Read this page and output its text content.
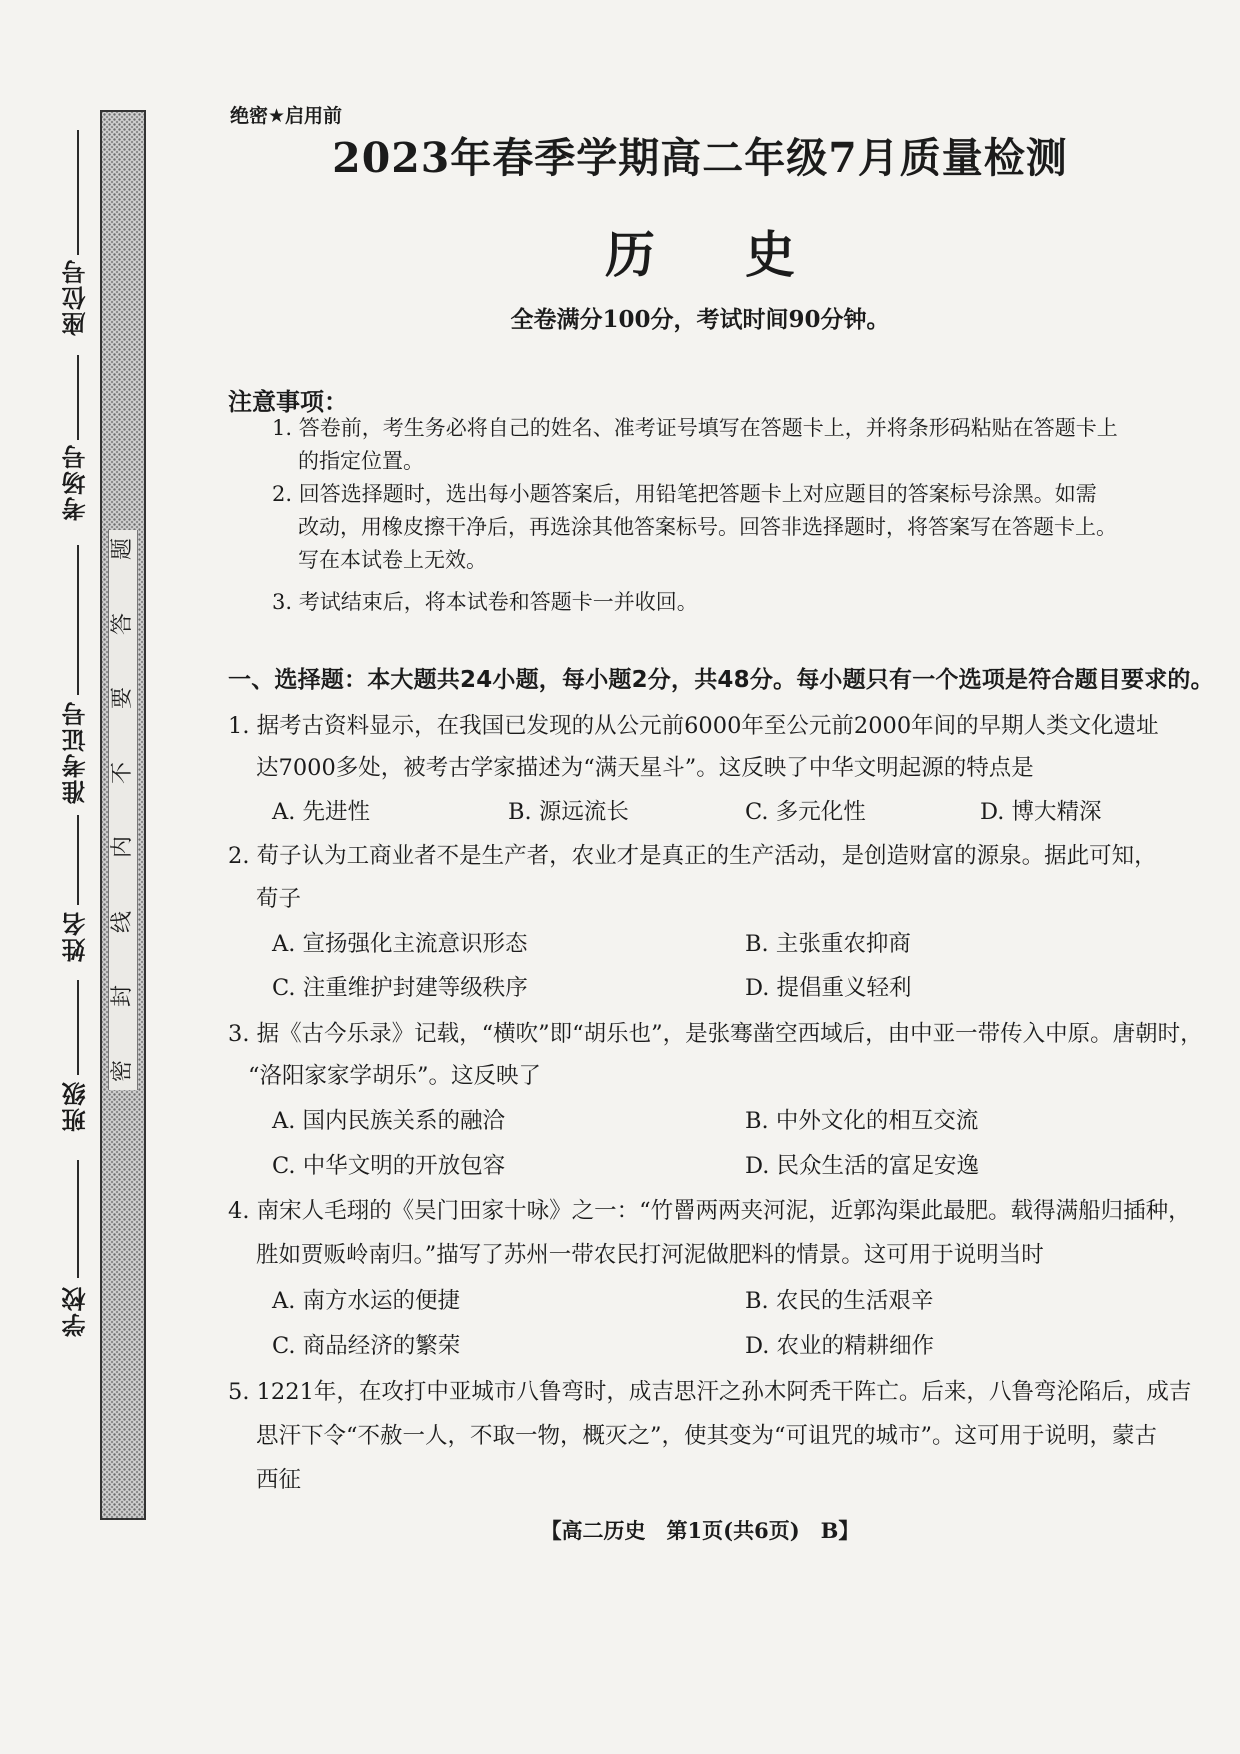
座位号
考场号
准考证号
姓名
班级
学校
密
封
线
内
不
要
答
题
绝密★启用前
2023年春季学期高二年级7月质量检测
历史
全卷满分100分，考试时间90分钟。
注意事项：
1. 答卷前，考生务必将自己的姓名、准考证号填写在答题卡上，并将条形码粘贴在答题卡上
的指定位置。
2. 回答选择题时，选出每小题答案后，用铅笔把答题卡上对应题目的答案标号涂黑。如需
改动，用橡皮擦干净后，再选涂其他答案标号。回答非选择题时，将答案写在答题卡上。
写在本试卷上无效。
3. 考试结束后，将本试卷和答题卡一并收回。
一、选择题：本大题共24小题，每小题2分，共48分。每小题只有一个选项是符合题目要求的。
1. 据考古资料显示，在我国已发现的从公元前6000年至公元前2000年间的早期人类文化遗址
达7000多处，被考古学家描述为“满天星斗”。这反映了中华文明起源的特点是
A. 先进性	B. 源远流长	C. 多元化性	D. 博大精深
2. 荀子认为工商业者不是生产者，农业才是真正的生产活动，是创造财富的源泉。据此可知，
荀子
A. 宣扬强化主流意识形态	B. 主张重农抑商
C. 注重维护封建等级秩序	D. 提倡重义轻利
3. 据《古今乐录》记载，“横吹”即“胡乐也”，是张骞凿空西域后，由中亚一带传入中原。唐朝时，
“洛阳家家学胡乐”。这反映了
A. 国内民族关系的融洽	B. 中外文化的相互交流
C. 中华文明的开放包容	D. 民众生活的富足安逸
4. 南宋人毛珝的《吴门田家十咏》之一：“竹罾两两夹河泥，近郭沟渠此最肥。载得满船归插种，
胜如贾贩岭南归。”描写了苏州一带农民打河泥做肥料的情景。这可用于说明当时
A. 南方水运的便捷	B. 农民的生活艰辛
C. 商品经济的繁荣	D. 农业的精耕细作
5. 1221年，在攻打中亚城市八鲁弯时，成吉思汗之孙木阿秃干阵亡。后来，八鲁弯沦陷后，成吉
思汗下令“不赦一人，不取一物，概灭之”，使其变为“可诅咒的城市”。这可用于说明，蒙古
西征
【高二历史　第1页(共6页)　B】
